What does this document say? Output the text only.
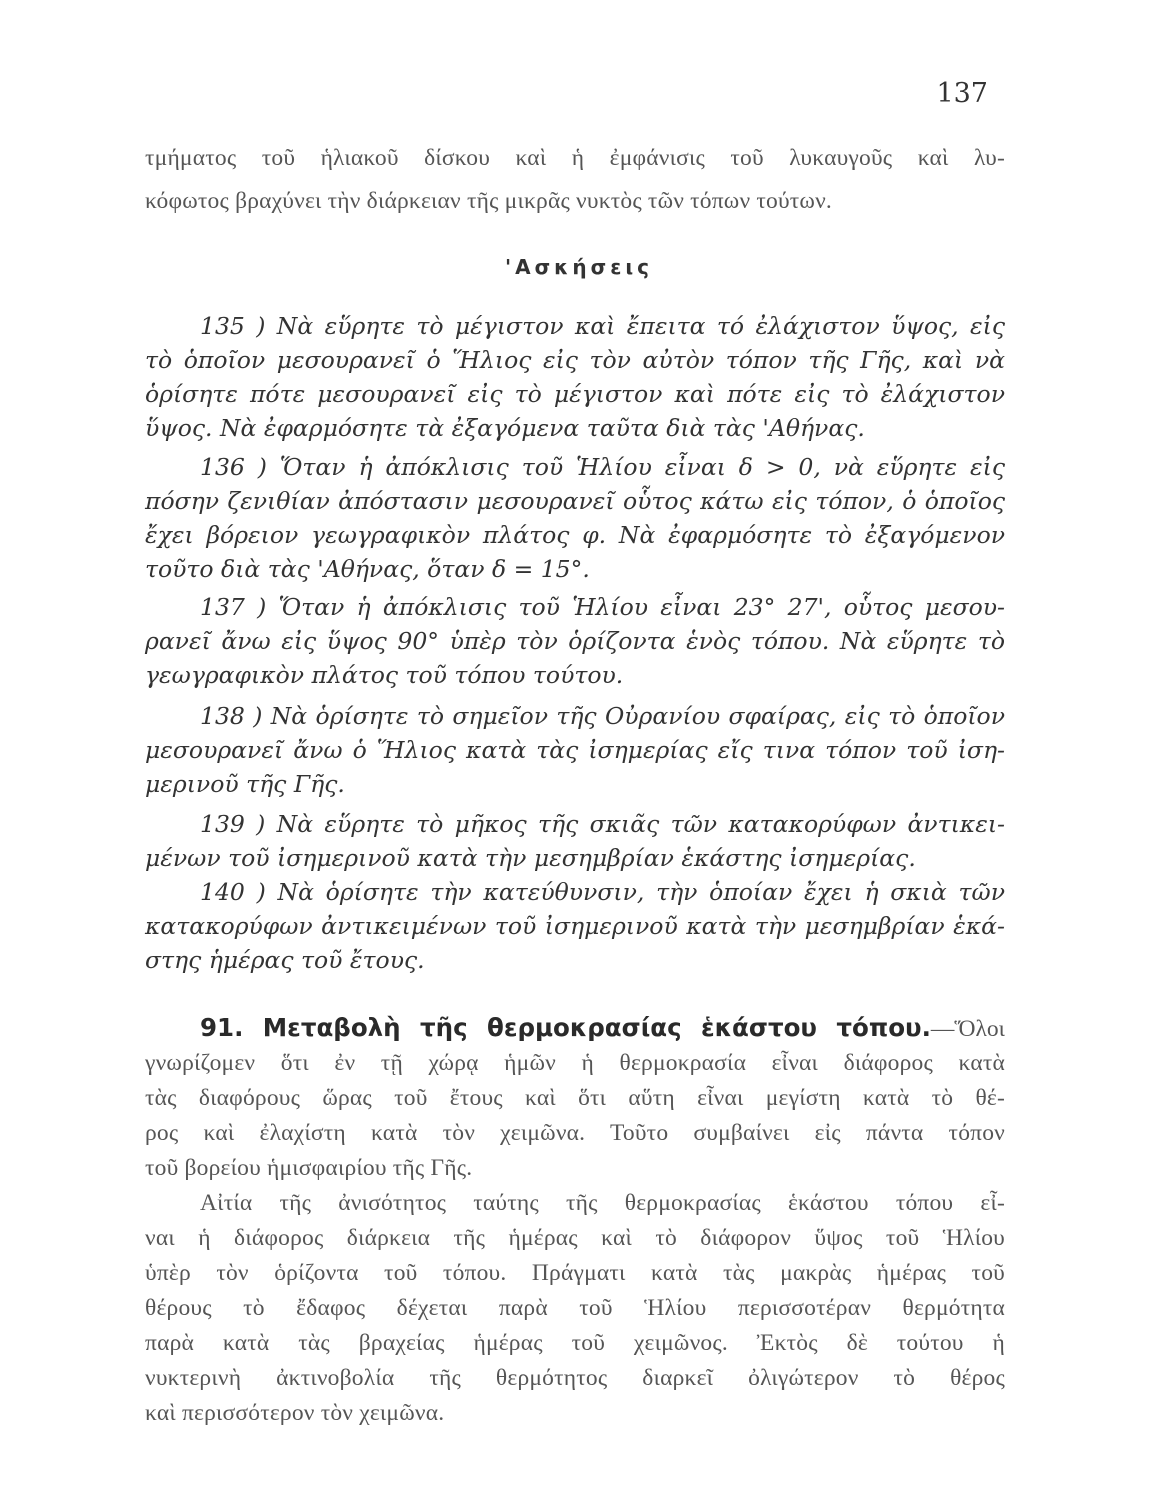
137
τμήματος τοῦ ἡλιακοῦ δίσκου καὶ ἡ ἐμφάνισις τοῦ λυκαυγοῦς καὶ λυ-
κόφωτος βραχύνει τὴν διάρκειαν τῆς μικρᾶς νυκτὸς τῶν τόπων τούτων.
'Ασκήσεις
135 ) Νὰ εὕρητε τὸ μέγιστον καὶ ἔπειτα τό ἐλάχιστον ὕψος, εἰς
τὸ ὁποῖον μεσουρανεῖ ὁ Ἥλιος εἰς τὸν αὐτὸν τόπον τῆς Γῆς, καὶ νὰ
ὁρίσητε πότε μεσουρανεῖ εἰς τὸ μέγιστον καὶ πότε εἰς τὸ ἐλάχιστον
ὕψος. Νὰ ἐφαρμόσητε τὰ ἐξαγόμενα ταῦτα διὰ τὰς 'Αθήνας.
136 ) Ὅταν ἡ ἀπόκλισις τοῦ Ἡλίου εἶναι δ > 0, νὰ εὕρητε εἰς
πόσην ζενιθίαν ἀπόστασιν μεσουρανεῖ οὗτος κάτω εἰς τόπον, ὁ ὁποῖος
ἔχει βόρειον γεωγραφικὸν πλάτος φ. Νὰ ἐφαρμόσητε τὸ ἐξαγόμενον
τοῦτο διὰ τὰς 'Αθήνας, ὅταν δ = 15°.
137 ) Ὅταν ἡ ἀπόκλισις τοῦ Ἡλίου εἶναι 23° 27', οὗτος μεσου-
ρανεῖ ἄνω εἰς ὕψος 90° ὑπὲρ τὸν ὁρίζοντα ἑνὸς τόπου. Νὰ εὕρητε τὸ
γεωγραφικὸν πλάτος τοῦ τόπου τούτου.
138 ) Νὰ ὁρίσητε τὸ σημεῖον τῆς Οὐρανίου σφαίρας, εἰς τὸ ὁποῖον
μεσουρανεῖ ἄνω ὁ Ἥλιος κατὰ τὰς ἰσημερίας εἴς τινα τόπον τοῦ ἰση-
μερινοῦ τῆς Γῆς.
139 ) Νὰ εὕρητε τὸ μῆκος τῆς σκιᾶς τῶν κατακορύφων ἀντικει-
μένων τοῦ ἰσημερινοῦ κατὰ τὴν μεσημβρίαν ἑκάστης ἰσημερίας.
140 ) Νὰ ὁρίσητε τὴν κατεύθυνσιν, τὴν ὁποίαν ἔχει ἡ σκιὰ τῶν
κατακορύφων ἀντικειμένων τοῦ ἰσημερινοῦ κατὰ τὴν μεσημβρίαν ἑκά-
στης ἡμέρας τοῦ ἔτους.
91. Μεταβολὴ τῆς θερμοκρασίας ἑκάστου τόπου.—Ὅλοι
γνωρίζομεν ὅτι ἐν τῇ χώρᾳ ἡμῶν ἡ θερμοκρασία εἶναι διάφορος κατὰ
τὰς διαφόρους ὥρας τοῦ ἔτους καὶ ὅτι αὕτη εἶναι μεγίστη κατὰ τὸ θέ-
ρος καὶ ἐλαχίστη κατὰ τὸν χειμῶνα. Τοῦτο συμβαίνει εἰς πάντα τόπον
τοῦ βορείου ἡμισφαιρίου τῆς Γῆς.
Αἰτία τῆς ἀνισότητος ταύτης τῆς θερμοκρασίας ἑκάστου τόπου εἶ-
ναι ἡ διάφορος διάρκεια τῆς ἡμέρας καὶ τὸ διάφορον ὕψος τοῦ Ἡλίου
ὑπὲρ τὸν ὁρίζοντα τοῦ τόπου. Πράγματι κατὰ τὰς μακρὰς ἡμέρας τοῦ
θέρους τὸ ἔδαφος δέχεται παρὰ τοῦ Ἡλίου περισσοτέραν θερμότητα
παρὰ κατὰ τὰς βραχείας ἡμέρας τοῦ χειμῶνος. Ἐκτὸς δὲ τούτου ἡ
νυκτερινὴ ἀκτινοβολία τῆς θερμότητος διαρκεῖ ὀλιγώτερον τὸ θέρος
καὶ περισσότερον τὸν χειμῶνα.
